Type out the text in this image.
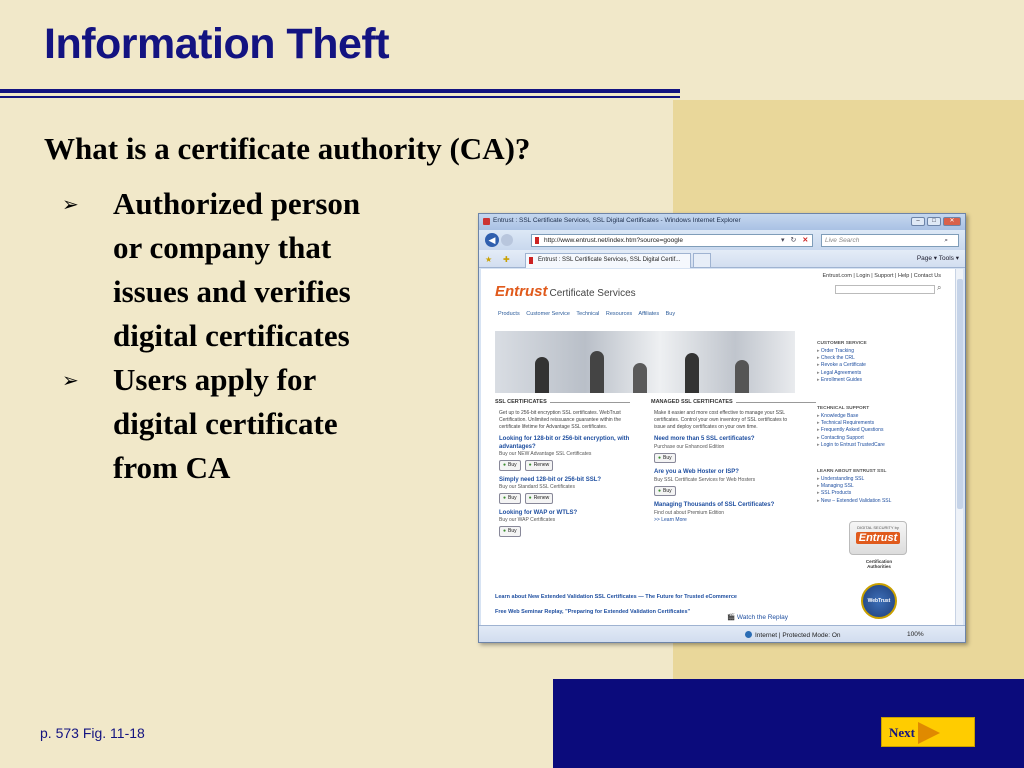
Information Theft
What is a certificate authority (CA)?
➢ Authorized person
or company that
issues and verifies
digital certificates
➢ Users apply for
digital certificate
from CA
Entrust : SSL Certificate Services, SSL Digital Certificates - Windows Internet Explorer	–	□	✕
◀	http://www.entrust.net/index.htm?source=google	▾ ↻ ✕	Live Search	⌕
★ ✚	Entrust : SSL Certificate Services, SSL Digital Certif...	Page ▾ Tools ▾
Entrust.com | Login | Support | Help | Contact Us
⌕
Entrust Certificate Services
Products Customer Service Technical Resources Affiliates Buy
SSL CERTIFICATES
Get up to 256-bit encryption SSL certificates. WebTrust Certification. Unlimited reissuance guarantee within the certificate lifetime for Advantage SSL certificates.
Looking for 128-bit or 256-bit encryption, with advantages?
Buy our NEW Advantage SSL Certificates
● Buy	● Renew
Simply need 128-bit or 256-bit SSL?
Buy our Standard SSL Certificates
● Buy	● Renew
Looking for WAP or WTLS?
Buy our WAP Certificates
● Buy
MANAGED SSL CERTIFICATES
Make it easier and more cost effective to manage your SSL certificates. Control your own inventory of SSL certificates to issue and deploy certificates on your own time.
Need more than 5 SSL certificates?
Purchase our Enhanced Edition
● Buy
Are you a Web Hoster or ISP?
Buy SSL Certificate Services for Web Hosters
● Buy
Managing Thousands of SSL Certificates?
Find out about Premium Edition
>> Learn More
Learn about New Extended Validation SSL Certificates — The Future for Trusted eCommerce
Free Web Seminar Replay, "Preparing for Extended Validation Certificates"
🎬 Watch the Replay
CUSTOMER SERVICE
▸ Order Tracking
▸ Check the CRL
▸ Revoke a Certificate
▸ Legal Agreements
▸ Enrollment Guides
TECHNICAL SUPPORT
▸ Knowledge Base
▸ Technical Requirements
▸ Frequently Asked Questions
▸ Contacting Support
▸ Login to Entrust TrustedCare
LEARN ABOUT ENTRUST SSL
▸ Understanding SSL
▸ Managing SSL
▸ SSL Products
▸ New – Extended Validation SSL
DIGITAL SECURITY by
Entrust
Certification Authorities
WebTrust
Internet | Protected Mode: On	100%
p. 573 Fig. 11-18	Next
